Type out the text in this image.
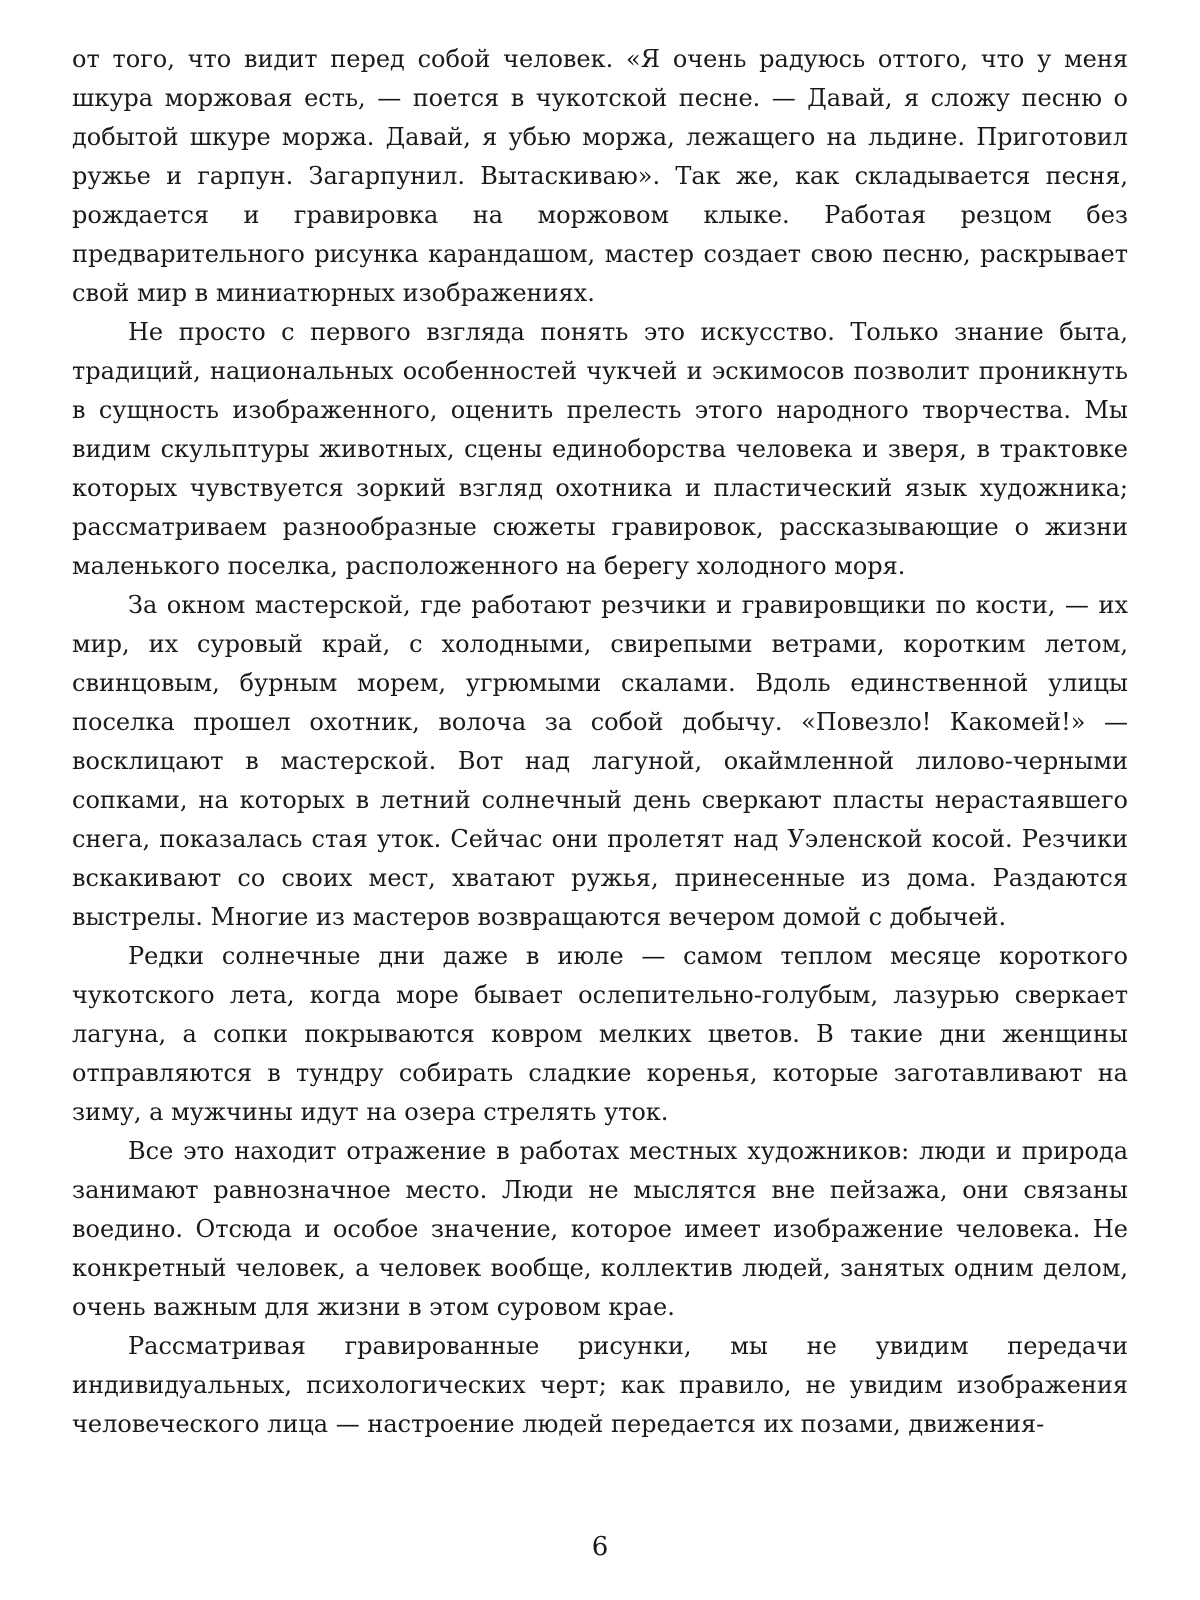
от того, что видит перед собой человек. «Я очень радуюсь оттого, что у меня шкура моржовая есть, — поется в чукотской песне. — Давай, я сложу песню о добытой шкуре моржа. Давай, я убью моржа, лежащего на льдине. Приготовил ружье и гарпун. Загарпунил. Вытаскиваю». Так же, как складывается песня, рождается и гравировка на моржовом клыке. Работая резцом без предварительного рисунка карандашом, мастер создает свою песню, раскрывает свой мир в миниатюрных изображениях.

Не просто с первого взгляда понять это искусство. Только знание быта, традиций, национальных особенностей чукчей и эскимосов позволит проникнуть в сущность изображенного, оценить прелесть этого народного творчества. Мы видим скульптуры животных, сцены единоборства человека и зверя, в трактовке которых чувствуется зоркий взгляд охотника и пластический язык художника; рассматриваем разнообразные сюжеты гравировок, рассказывающие о жизни маленького поселка, расположенного на берегу холодного моря.

За окном мастерской, где работают резчики и гравировщики по кости, — их мир, их суровый край, с холодными, свирепыми ветрами, коротким летом, свинцовым, бурным морем, угрюмыми скалами. Вдоль единственной улицы поселка прошел охотник, волоча за собой добычу. «Повезло! Какомей!» — восклицают в мастерской. Вот над лагуной, окаймленной лилово-черными сопками, на которых в летний солнечный день сверкают пласты нерастаявшего снега, показалась стая уток. Сейчас они пролетят над Уэленской косой. Резчики вскакивают со своих мест, хватают ружья, принесенные из дома. Раздаются выстрелы. Многие из мастеров возвращаются вечером домой с добычей.

Редки солнечные дни даже в июле — самом теплом месяце короткого чукотского лета, когда море бывает ослепительно-голубым, лазурью сверкает лагуна, а сопки покрываются ковром мелких цветов. В такие дни женщины отправляются в тундру собирать сладкие коренья, которые заготавливают на зиму, а мужчины идут на озера стрелять уток.

Все это находит отражение в работах местных художников: люди и природа занимают равнозначное место. Люди не мыслятся вне пейзажа, они связаны воедино. Отсюда и особое значение, которое имеет изображение человека. Не конкретный человек, а человек вообще, коллектив людей, занятых одним делом, очень важным для жизни в этом суровом крае.

Рассматривая гравированные рисунки, мы не увидим передачи индивидуальных, психологических черт; как правило, не увидим изображения человеческого лица — настроение людей передается их позами, движения-

6
